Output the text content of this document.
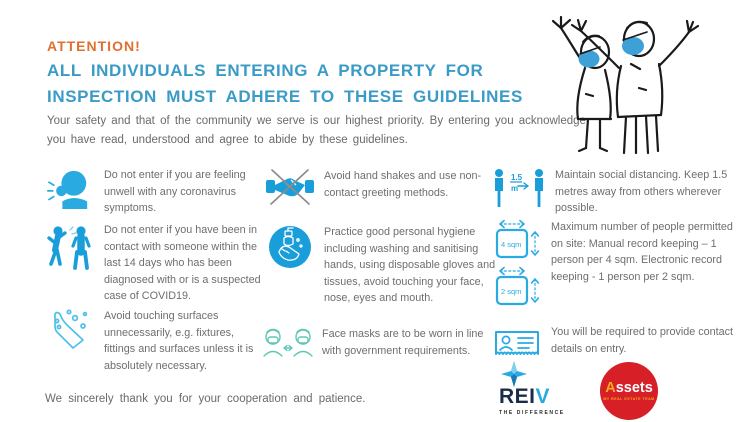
ATTENTION!
ALL INDIVIDUALS ENTERING A PROPERTY FOR
INSPECTION MUST ADHERE TO THESE GUIDELINES
Your safety and that of the community we serve is our highest priority. By entering you acknowledge
you have read, understood and agree to abide by these guidelines.
Do not enter if you are feeling unwell with any coronavirus symptoms.
Do not enter if you have been in contact with someone within the last 14 days who has been diagnosed with or is a suspected case of COVID19.
Avoid touching surfaces unnecessarily, e.g. fixtures, fittings and surfaces unless it is absolutely necessary.
Avoid hand shakes and use non-contact greeting methods.
Practice good personal hygiene including washing and sanitising hands, using disposable gloves and tissues, avoid touching your face, nose, eyes and mouth.
Face masks are to be worn in line with government requirements.
1.5
m
Maintain social distancing. Keep 1.5 metres away from others wherever possible.
4 sqm
2 sqm
Maximum number of people permitted on site: Manual record keeping – 1 person per 4 sqm. Electronic record keeping - 1 person per 2 sqm.
You will be required to provide contact details on entry.
We sincerely thank you for your cooperation and patience.	REIV
THE DIFFERENCE
Assets
MY REAL ESTATE TEAM
